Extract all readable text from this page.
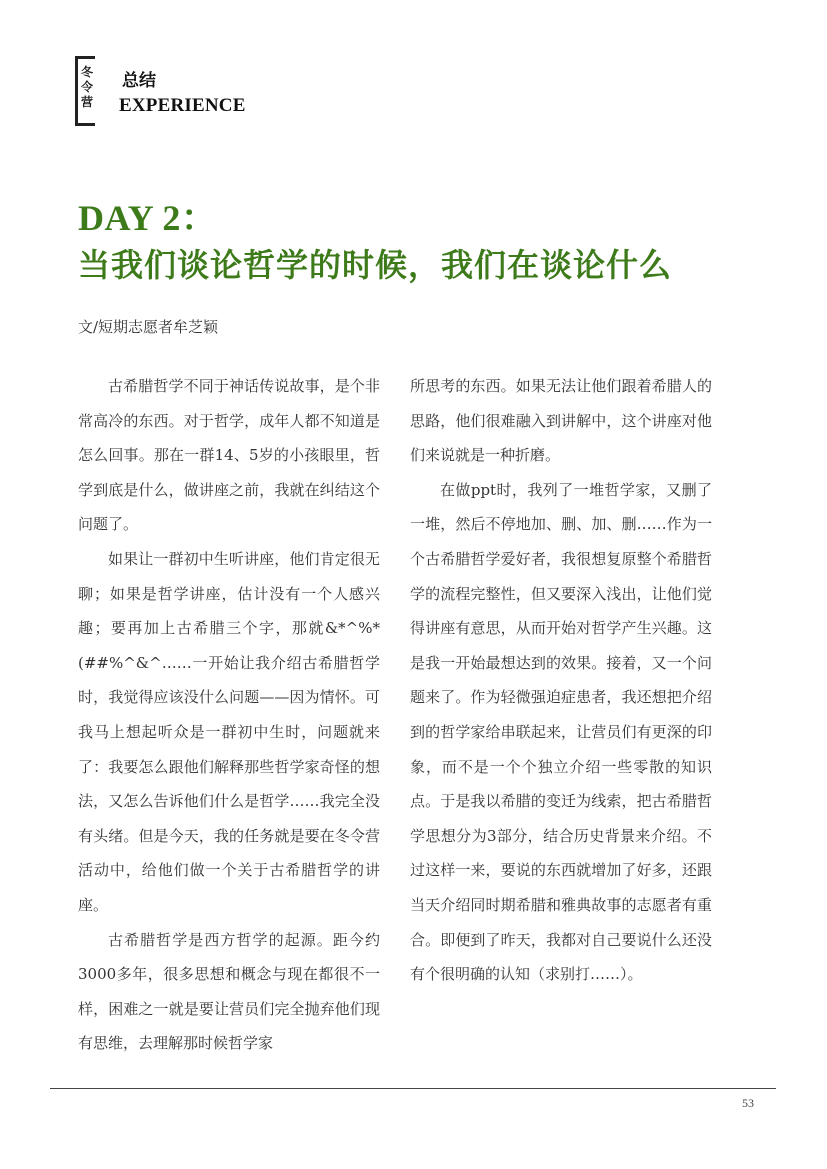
冬令营
总结
EXPERIENCE
DAY 2：
当我们谈论哲学的时候，我们在谈论什么
文/短期志愿者牟芝颖

古希腊哲学不同于神话传说故事，是个非常高冷的东西。对于哲学，成年人都不知道是怎么回事。那在一群14、5岁的小孩眼里，哲学到底是什么，做讲座之前，我就在纠结这个问题了。

如果让一群初中生听讲座，他们肯定很无聊；如果是哲学讲座，估计没有一个人感兴趣；要再加上古希腊三个字，那就&*^%*(##%^&^……一开始让我介绍古希腊哲学时，我觉得应该没什么问题——因为情怀。可我马上想起听众是一群初中生时，问题就来了：我要怎么跟他们解释那些哲学家奇怪的想法，又怎么告诉他们什么是哲学……我完全没有头绪。但是今天，我的任务就是要在冬令营活动中，给他们做一个关于古希腊哲学的讲座。

古希腊哲学是西方哲学的起源。距今约3000多年，很多思想和概念与现在都很不一样，困难之一就是要让营员们完全抛弃他们现有思维，去理解那时候哲学家

所思考的东西。如果无法让他们跟着希腊人的思路，他们很难融入到讲解中，这个讲座对他们来说就是一种折磨。

在做ppt时，我列了一堆哲学家，又删了一堆，然后不停地加、删、加、删……作为一个古希腊哲学爱好者，我很想复原整个希腊哲学的流程完整性，但又要深入浅出，让他们觉得讲座有意思，从而开始对哲学产生兴趣。这是我一开始最想达到的效果。接着，又一个问题来了。作为轻微强迫症患者，我还想把介绍到的哲学家给串联起来，让营员们有更深的印象，而不是一个个独立介绍一些零散的知识点。于是我以希腊的变迁为线索，把古希腊哲学思想分为3部分，结合历史背景来介绍。不过这样一来，要说的东西就增加了好多，还跟当天介绍同时期希腊和雅典故事的志愿者有重合。即便到了昨天，我都对自己要说什么还没有个很明确的认知（求别打……）。

53
